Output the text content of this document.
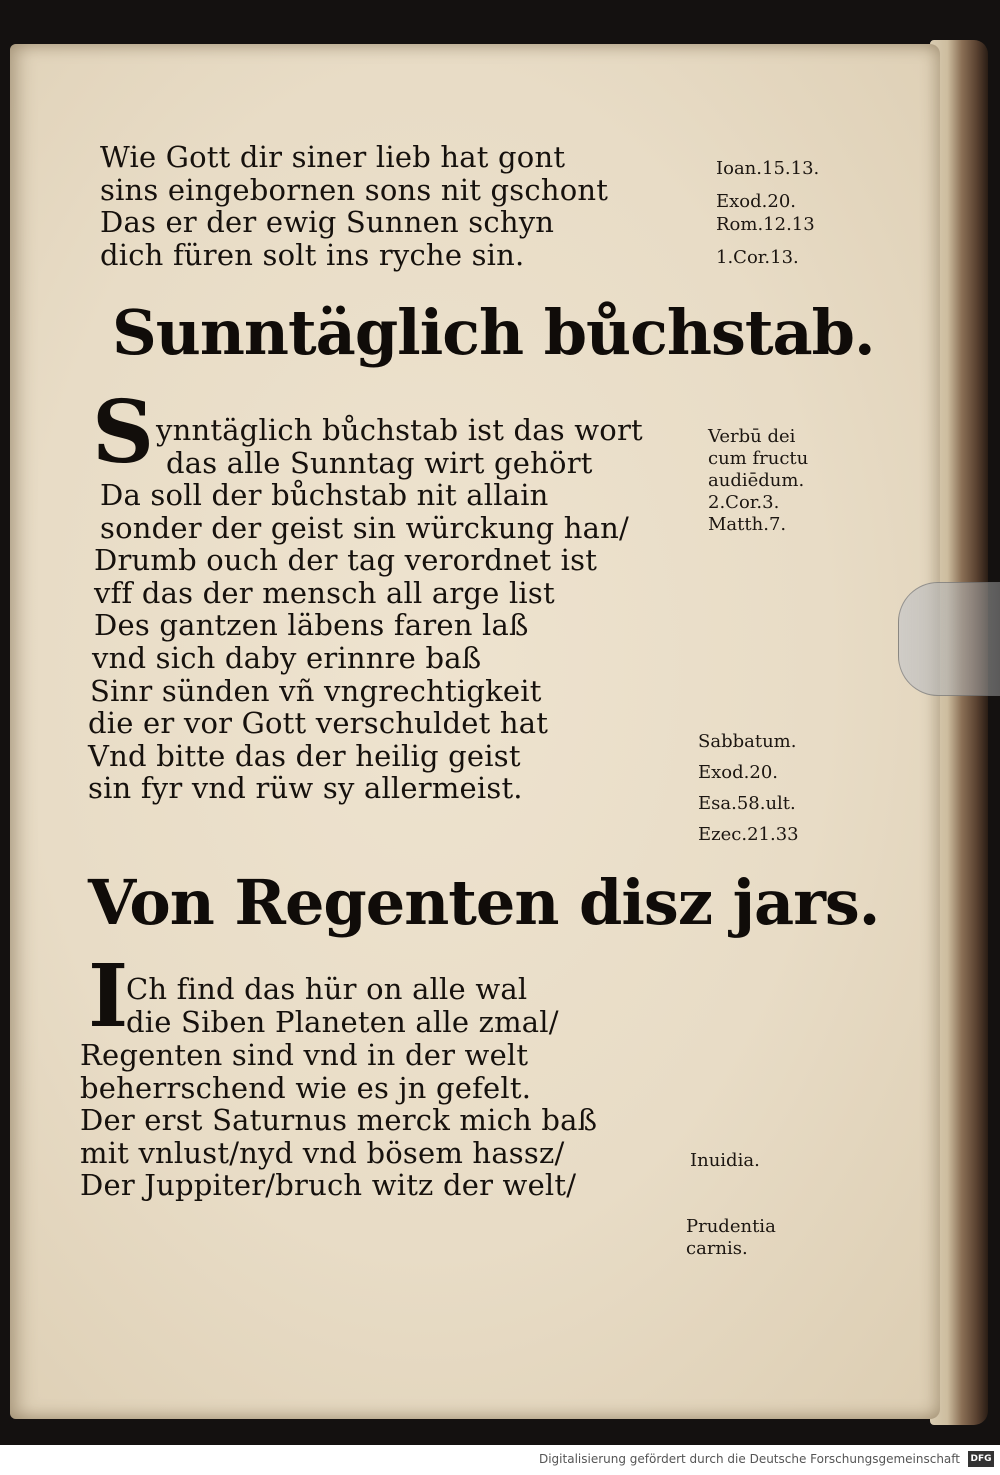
Wie Gott dir siner lieb hat gont
sins eingebornen sons nit gschont
Das er der ewig Sunnen schyn
dich füren solt ins ryche sin.
Ioan.15.13.
Exod.20.
Rom.12.13
1.Cor.13.
Sunntäglich bůchstab.
S ynntäglich bůchstab ist das wort
das alle Sunntag wirt gehört
Da soll der bůchstab nit allain
sonder der geist sin würckung han/
Drumb ouch der tag verordnet ist
vff das der mensch all arge list
Des gantzen läbens faren laß
vnd sich daby erinnre baß
Sinr sünden vñ vngrechtigkeit
die er vor Gott verschuldet hat
Vnd bitte das der heilig geist
sin fyr vnd rüw sy allermeist.
Verbū dei
cum fructu
audiēdum.
2.Cor.3.
Matth.7.
Sabbatum.
Exod.20.
Esa.58.ult.
Ezec.21.33
Von Regenten disz jars.
I
Ch find das hür on alle wal
die Siben Planeten alle zmal/
Regenten sind vnd in der welt
beherrschend wie es jn gefelt.
Der erst Saturnus merck mich baß
mit vnlust/nyd vnd bösem hassz/
Der Juppiter/bruch witz der welt/
Inuidia.
Prudentia
carnis.
Digitalisierung gefördert durch die Deutsche Forschungsgemeinschaft DFG
